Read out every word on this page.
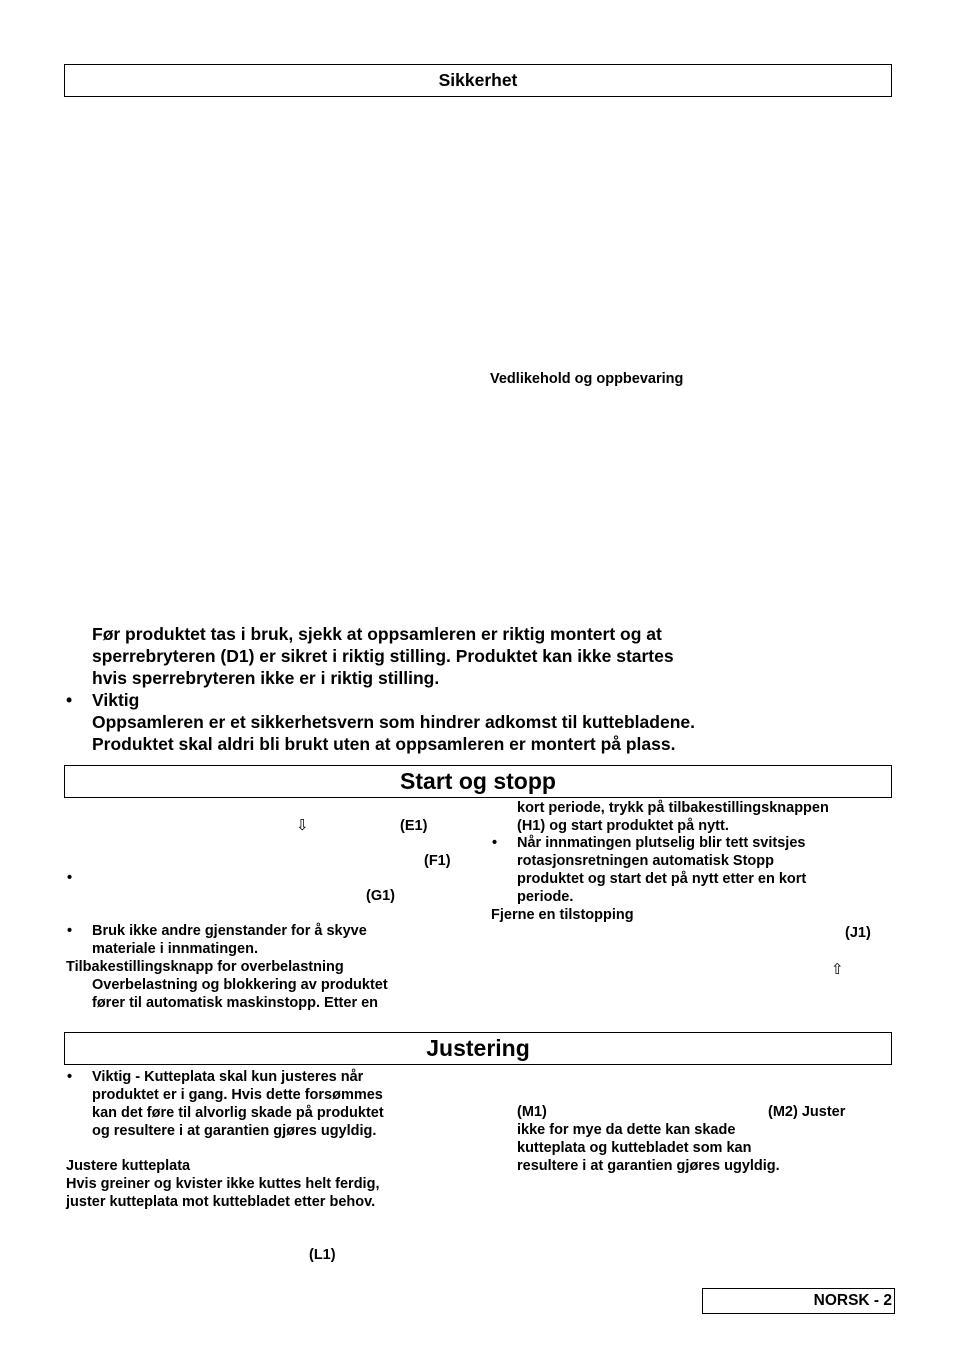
Sikkerhet
Vedlikehold og oppbevaring
Før produktet tas i bruk, sjekk at oppsamleren er riktig montert og at
sperrebryteren (D1) er sikret i riktig stilling. Produktet kan ikke startes
hvis sperrebryteren ikke er i riktig stilling.
• Viktig
Oppsamleren er et sikkerhetsvern som hindrer adkomst til kuttebladene.
Produktet skal aldri bli brukt uten at oppsamleren er montert på plass.
Start og stopp
⇩	(E1)
(F1)
•
(G1)
• Bruk ikke andre gjenstander for å skyve
materiale i innmatingen.
Tilbakestillingsknapp for overbelastning
Overbelastning og blokkering av produktet
fører til automatisk maskinstopp. Etter en
kort periode, trykk på tilbakestillingsknappen
(H1) og start produktet på nytt.
• Når innmatingen plutselig blir tett svitsjes
rotasjonsretningen automatisk Stopp
produktet og start det på nytt etter en kort
periode.
Fjerne en tilstopping
(J1)
⇧
Justering
• Viktig - Kutteplata skal kun justeres når
produktet er i gang. Hvis dette forsømmes
kan det føre til alvorlig skade på produktet
og resultere i at garantien gjøres ugyldig.
Justere kutteplata
Hvis greiner og kvister ikke kuttes helt ferdig,
juster kutteplata mot kuttebladet etter behov.
(L1)
(M1)	(M2) Juster
ikke for mye da dette kan skade
kutteplata og kuttebladet som kan
resultere i at garantien gjøres ugyldig.
NORSK - 2
